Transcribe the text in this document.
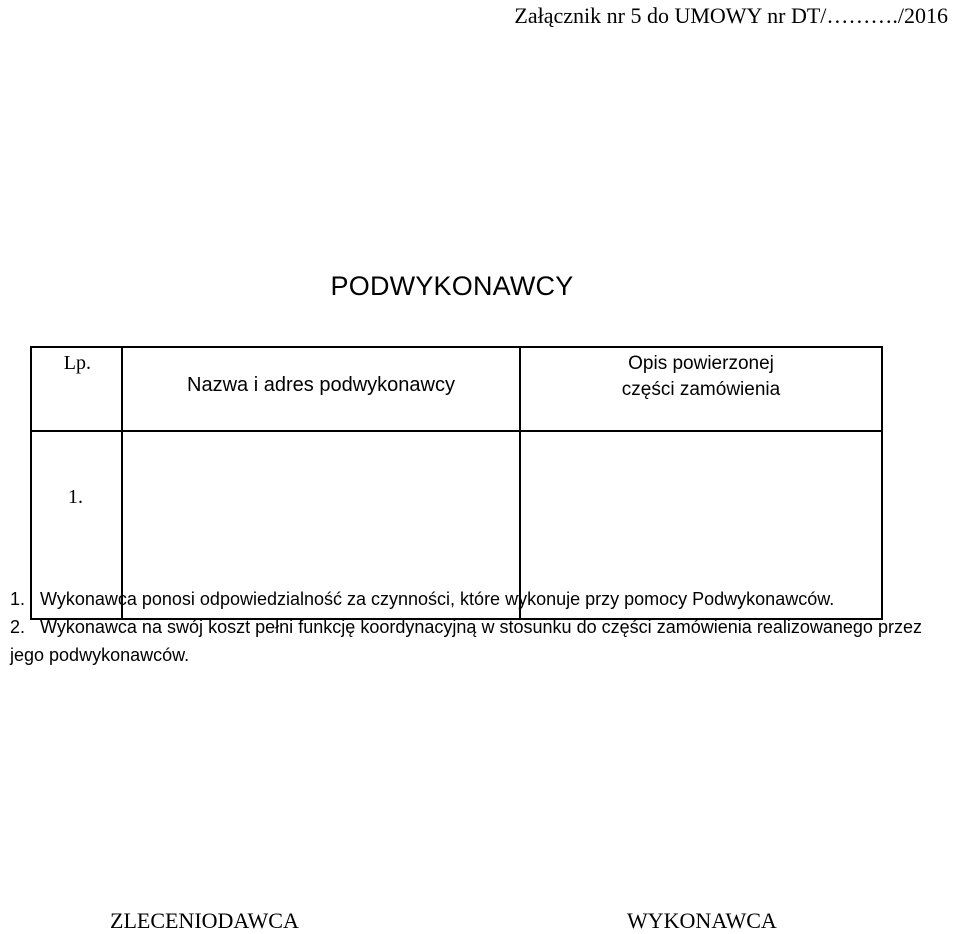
Załącznik nr 5 do UMOWY nr DT/………./2016
PODWYKONAWCY
Lp.	Nazwa i adres podwykonawcy	Opis powierzonej
części zamówienia

1.		
1. Wykonawca ponosi odpowiedzialność za czynności, które wykonuje przy pomocy Podwykonawców.
2. Wykonawca na swój koszt pełni funkcję koordynacyjną w stosunku do części zamówienia realizowanego przez jego podwykonawców.
ZLECENIODAWCA	WYKONAWCA
